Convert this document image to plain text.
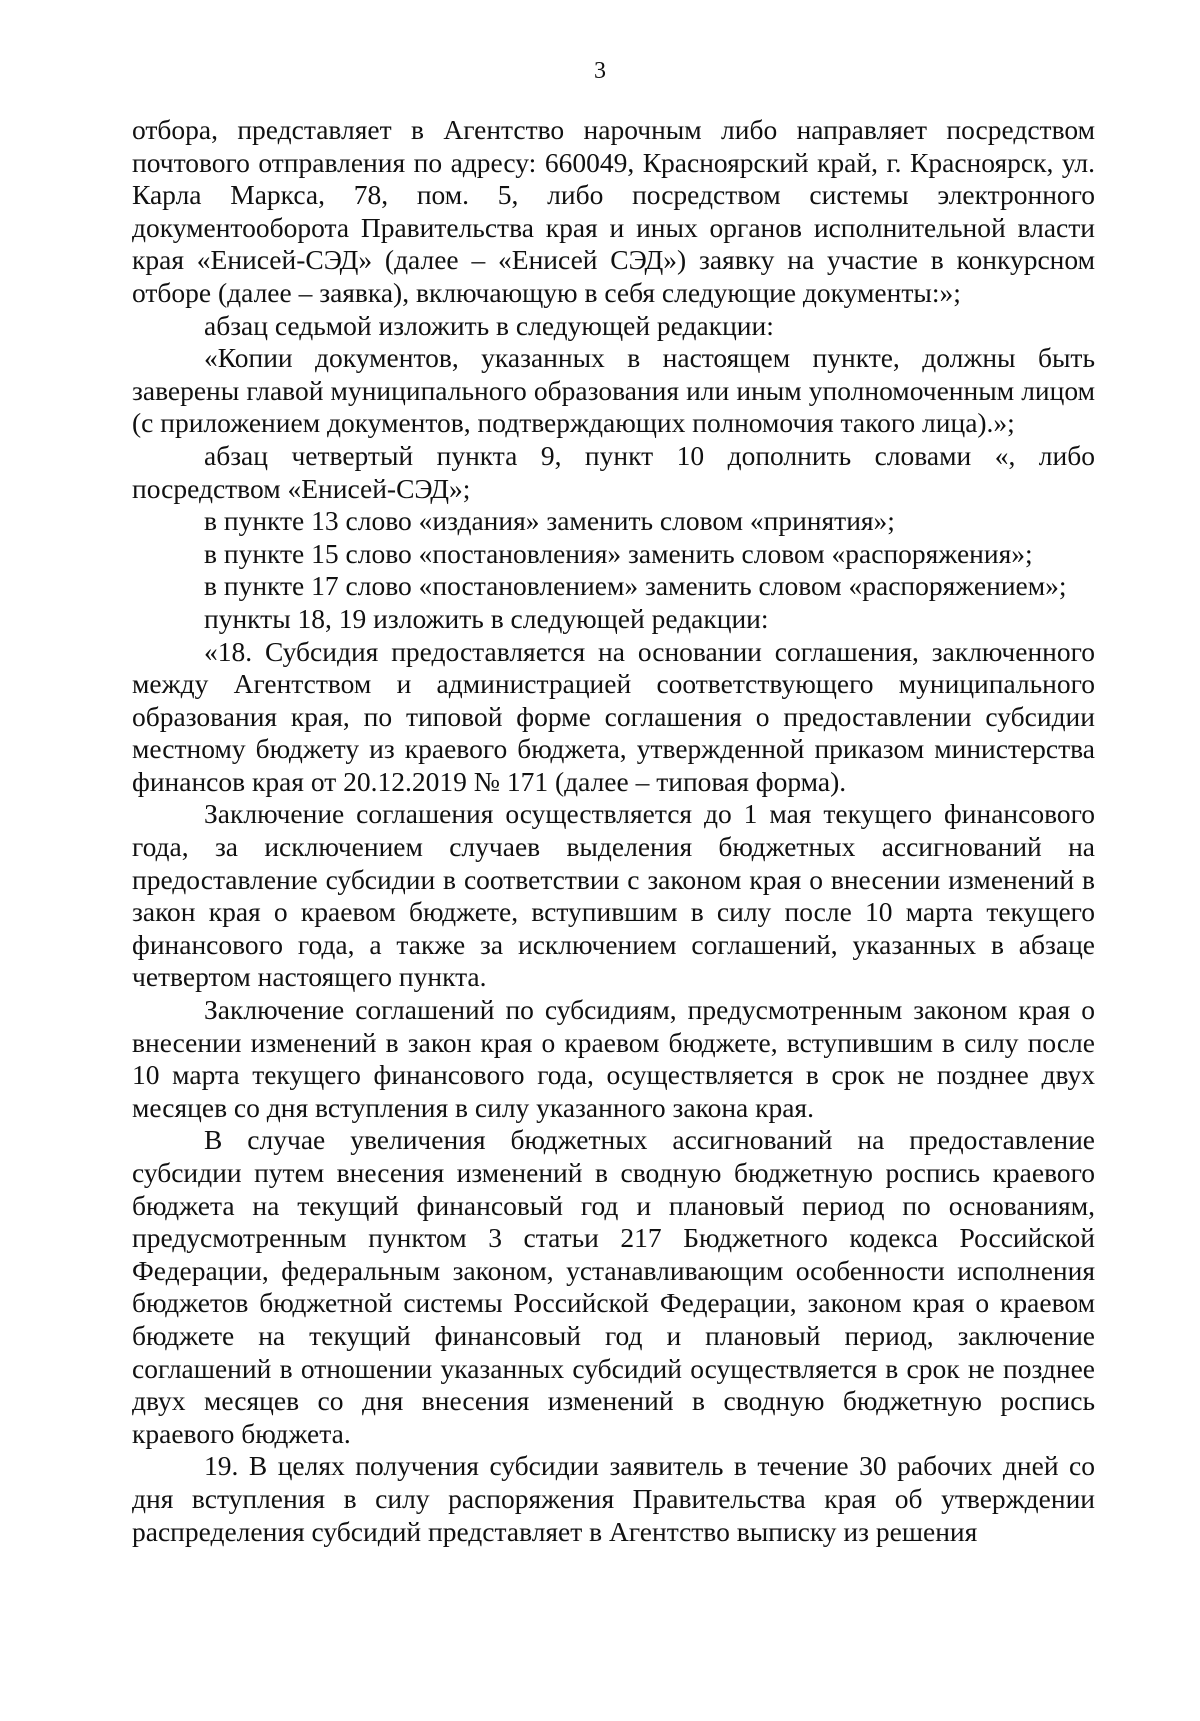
3

отбора, представляет в Агентство нарочным либо направляет посредством почтового отправления по адресу: 660049, Красноярский край, г. Красноярск, ул. Карла Маркса, 78, пом. 5, либо посредством системы электронного документооборота Правительства края и иных органов исполнительной власти края «Енисей-СЭД» (далее – «Енисей СЭД») заявку на участие в конкурсном отборе (далее – заявка), включающую в себя следующие документы:»;

абзац седьмой изложить в следующей редакции:

«Копии документов, указанных в настоящем пункте, должны быть заверены главой муниципального образования или иным уполномоченным лицом (с приложением документов, подтверждающих полномочия такого лица).»;

абзац четвертый пункта 9, пункт 10 дополнить словами «, либо посредством «Енисей-СЭД»;

в пункте 13 слово «издания» заменить словом «принятия»;

в пункте 15 слово «постановления» заменить словом «распоряжения»;

в пункте 17 слово «постановлением» заменить словом «распоряжением»;

пункты 18, 19 изложить в следующей редакции:

«18. Субсидия предоставляется на основании соглашения, заключенного между Агентством и администрацией соответствующего муниципального образования края, по типовой форме соглашения о предоставлении субсидии местному бюджету из краевого бюджета, утвержденной приказом министерства финансов края от 20.12.2019 № 171 (далее – типовая форма).

Заключение соглашения осуществляется до 1 мая текущего финансового года, за исключением случаев выделения бюджетных ассигнований на предоставление субсидии в соответствии с законом края о внесении изменений в закон края о краевом бюджете, вступившим в силу после 10 марта текущего финансового года, а также за исключением соглашений, указанных в абзаце четвертом настоящего пункта.

Заключение соглашений по субсидиям, предусмотренным законом края о внесении изменений в закон края о краевом бюджете, вступившим в силу после 10 марта текущего финансового года, осуществляется в срок не позднее двух месяцев со дня вступления в силу указанного закона края.

В случае увеличения бюджетных ассигнований на предоставление субсидии путем внесения изменений в сводную бюджетную роспись краевого бюджета на текущий финансовый год и плановый период по основаниям, предусмотренным пунктом 3 статьи 217 Бюджетного кодекса Российской Федерации, федеральным законом, устанавливающим особенности исполнения бюджетов бюджетной системы Российской Федерации, законом края о краевом бюджете на текущий финансовый год и плановый период, заключение соглашений в отношении указанных субсидий осуществляется в срок не позднее двух месяцев со дня внесения изменений в сводную бюджетную роспись краевого бюджета.

19. В целях получения субсидии заявитель в течение 30 рабочих дней со дня вступления в силу распоряжения Правительства края об утверждении распределения субсидий представляет в Агентство выписку из решения
